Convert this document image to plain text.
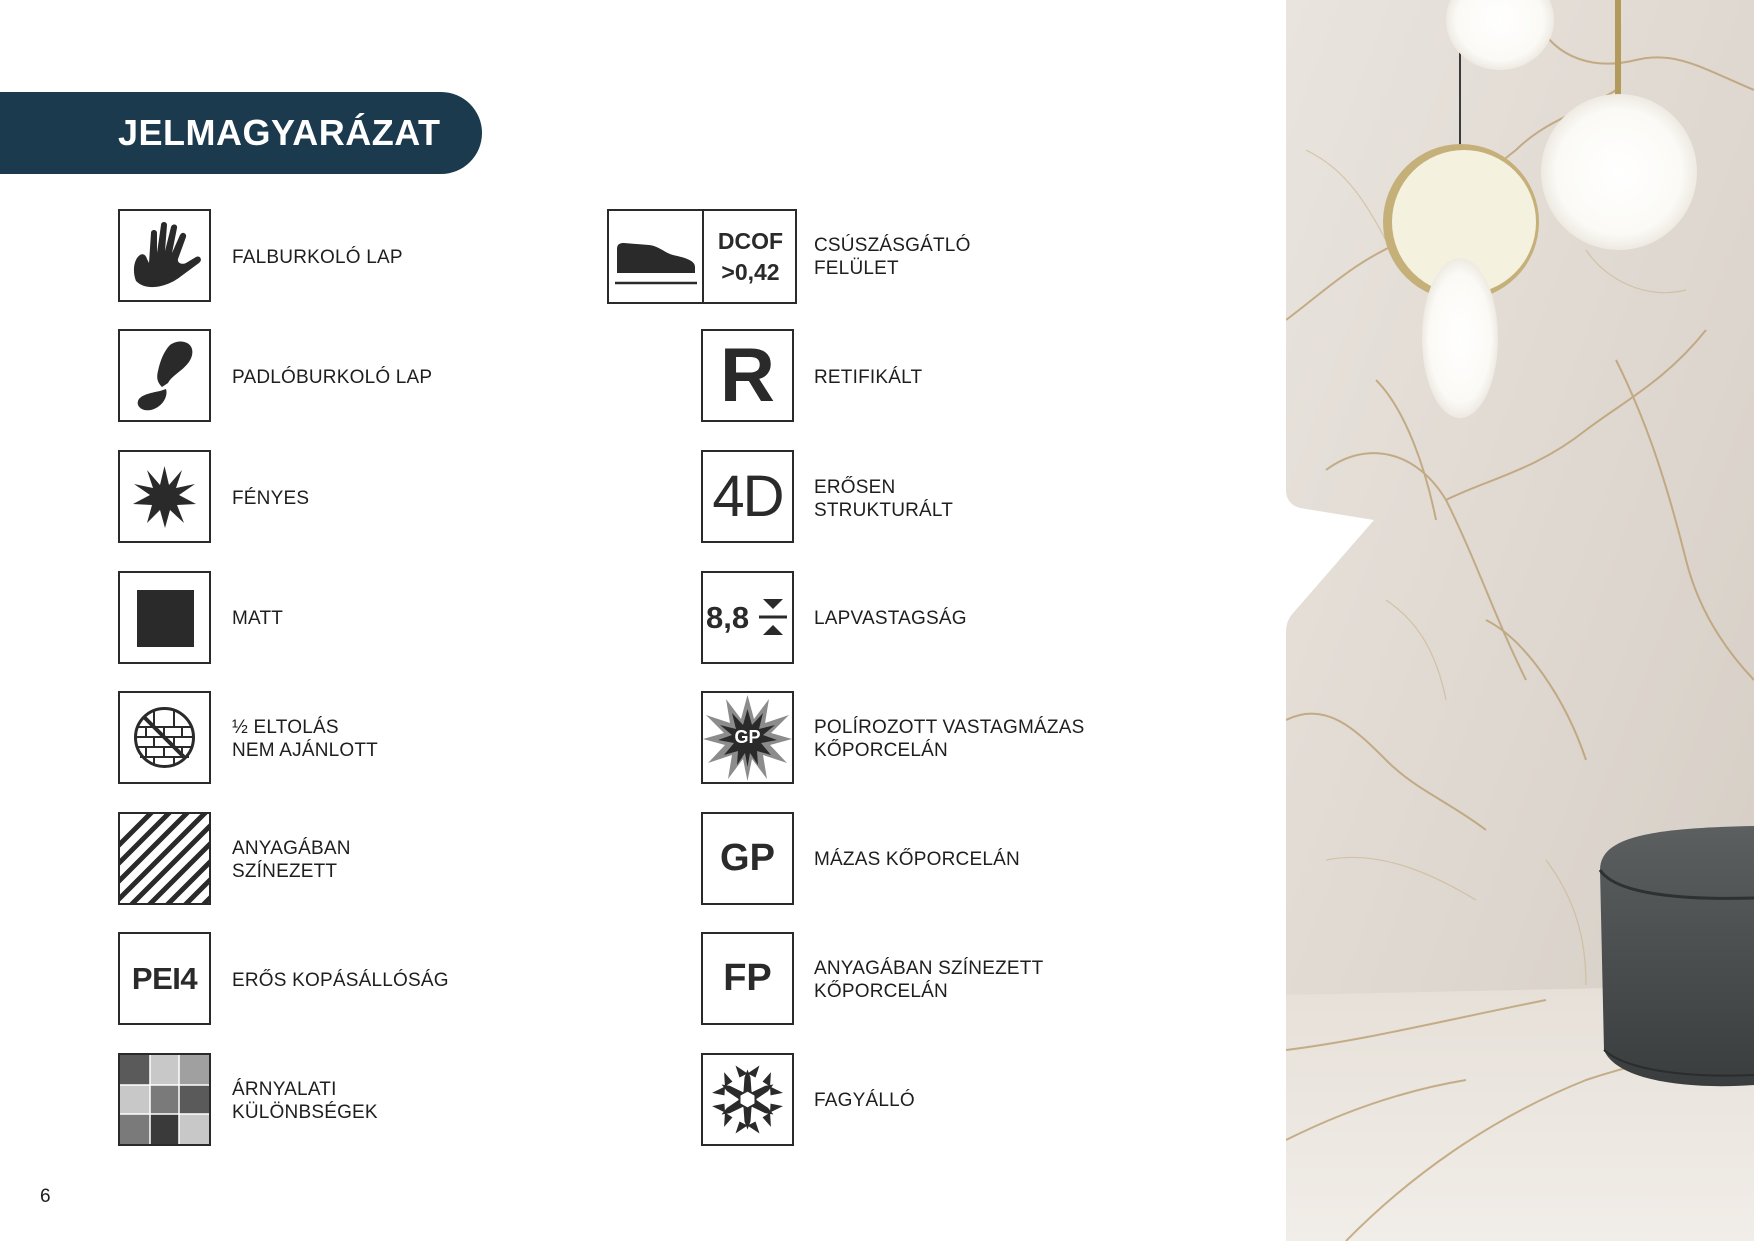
JELMAGYARÁZAT
FALBURKOLÓ LAP
PADLÓBURKOLÓ LAP
FÉNYES
MATT
½ ELTOLÁS
NEM AJÁNLOTT
ANYAGÁBAN
SZÍNEZETT
PEI4	ERŐS KOPÁSÁLLÓSÁG
ÁRNYALATI
KÜLÖNBSÉGEK
DCOF
>0,42
CSÚSZÁSGÁTLÓ
FELÜLET
R	RETIFIKÁLT
4D	ERŐSEN
STRUKTURÁLT
8,8	LAPVASTAGSÁG
GP	POLÍROZOTT VASTAGMÁZAS
KŐPORCELÁN
GP	MÁZAS KŐPORCELÁN
FP	ANYAGÁBAN SZÍNEZETT
KŐPORCELÁN
FAGYÁLLÓ
6
